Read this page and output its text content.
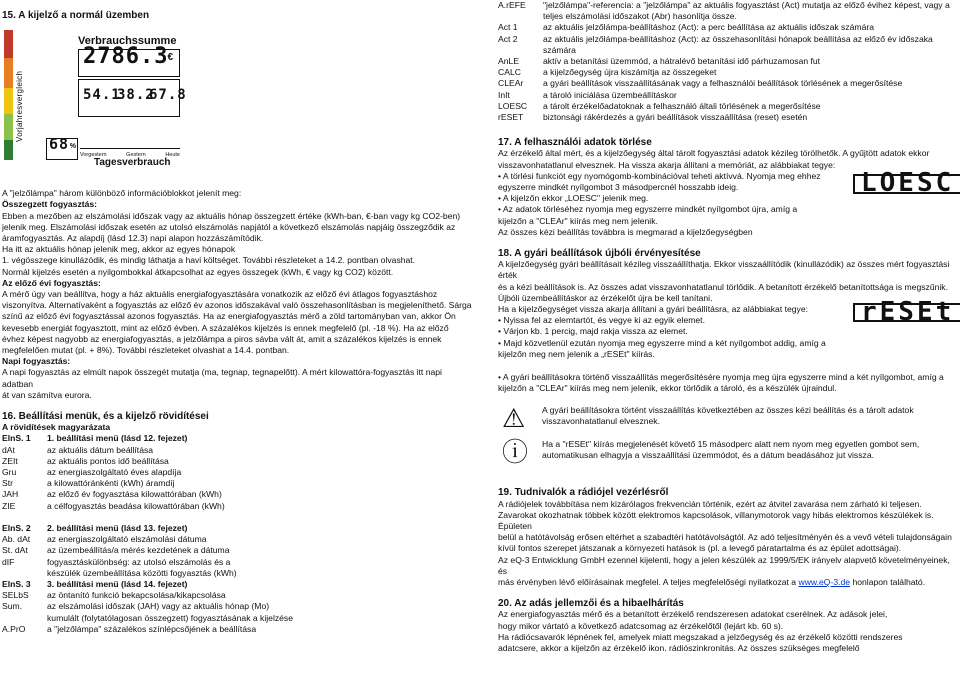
15. A kijelző a normál üzemben

Vorjahresvergleich
Verbrauchssumme
2786.3
€
54.1
38.2
67.8
68 %
Vorgestern	Gestern	Heute
Tagesverbrauch

A "jelzőlámpa" három különböző információblokkot jelenít meg:

Összegzett fogyasztás:

Ebben a mezőben az elszámolási időszak vagy az aktuális hónap összegzett értéke (kWh-ban, €-ban vagy kg CO2-ben)

jelenik meg. Elszámolási időszak esetén az utolsó elszámolás napjától a következő elszámolás napjáig összegződik az

áramfogyasztás. Az alapdíj (lásd 12.3) napi alapon hozzászámítódik.

Ha itt az aktuális hónap jelenik meg, akkor az egyes hónapok

1. végösszege kinullázódik, és mindig láthatja a havi költséget. További részleteket a 14.2. pontban olvashat.

Normál kijelzés esetén a nyilgombokkal átkapcsolhat az egyes összegek (kWh, € vagy kg CO2) között.

Az előző évi fogyasztás:

A mérő úgy van beállítva, hogy a ház aktuális energiafogyasztására vonatkozik az előző évi átlagos fogyasztáshoz

viszonyítva. Alternatívaként a fogyasztás az előző év azonos időszakával való összehasonlításban is megjeleníthető. Sárga

színű az előző évi fogyasztással azonos fogyasztás. Ha az energiafogyasztás mérő a zöld tartományban van, akkor Ön

kevesebb energiát fogyasztott, mint az előző évben. A százalékos kijelzés is ennek megfelelő (pl. -18 %). Ha az előző

évhez képest nagyobb az energiafogyasztás, a jelzőlámpa a piros sávba vált át, amit a százalékos kijelzés is ennek

megfelelően mutat (pl. + 8%). További részleteket olvashat a 14.4. pontban.

Napi fogyasztás:

A napi fogyasztás az elmúlt napok összegét mutatja (ma, tegnap, tegnapelőtt). A mért kilowattóra-fogyasztás itt napi adatban

át van számítva eurora.

16. Beállítási menük, és a kijelző rövidítései

A rövidítések magyarázata

ElnS. 1	1. beállítási menü (lásd 12. fejezet)
dAt	az aktuális dátum beállítása
ZEIt	az aktuális pontos idő beállítása
Gru	az energiaszolgáltató éves alapdíja
Str	a kilowattóránkénti (kWh) áramdíj
JAH	az előző év fogyasztása kilowattórában (kWh)
ZIE	a célfogyasztás beadása kilowattórában (kWh)
ElnS. 2	2. beállítási menü (lásd 13. fejezet)
Ab. dAt	az energiaszolgáltató elszámolási dátuma
St. dAt	az üzembeállítás/a mérés kezdetének a dátuma
dIF	fogyasztáskülönbség: az utolsó elszámolás és a
készülék üzembeállítása közötti fogyasztás (kWh)
ElnS. 3	3. beállítási menü (lásd 14. fejezet)
SELbS	az öntanító funkció bekapcsolása/kikapcsolása
Sum.	az elszámolási időszak (JAH) vagy az aktuális hónap (Mo)
kumulált (folytatólagosan összegzett) fogyasztásának a kijelzése
A.PrO	a "jelzőlámpa" százalékos színlépcsőjének a beállítása
A.rEFE	"jelzőlámpa"-referencia: a "jelzőlámpa" az aktuális fogyasztást (Act) mutatja az előző évihez képest, vagy a
teljes elszámolási időszakot (Abr) hasonlítja össze.
Act 1	az aktuális jelzőlámpa-beállításhoz (Act): a perc beállítása az aktuális időszak számára
Act 2	az aktuális jelzőlámpa-beállításhoz (Act): az összehasonlítási hónapok beállítása az előző év időszaka számára
AnLE	aktív a betanítási üzemmód, a hátralévő betanítási idő párhuzamosan fut
CALC	a kijelzőegység újra kiszámítja az összegeket
CLEAr	a gyári beállítások visszaállításának vagy a felhasználói beállítások törlésének a megerősítése
InIt	a tároló iniciálása üzembeállításkor
LOESC	a tárolt érzékelőadatoknak a felhasználó általi törlésének a megerősítése
rESET	biztonsági rákérdezés a gyári beállítások visszaállítása (reset) esetén

17. A felhasználói adatok törlése

Az érzékelő által mért, és a kijelzőegység által tárolt fogyasztási adatok kézileg törölhetők. A gyűjtött adatok ekkor

visszavonhatatlanul elvesznek. Ha vissza akarja állítani a memóriát, az alábbiakat tegye:

• A törlési funkciót egy nyomógomb-kombinációval teheti aktívvá. Nyomja meg ehhez

egyszerre mindkét nyílgombot 3 másodpercnél hosszabb ideig.

• A kijelzőn ekkor „LOESC" jelenik meg.

• Az adatok törléséhez nyomja meg egyszerre mindkét nyílgombot újra, amíg a

kijelzőn a "CLEAr" kiírás meg nem jelenik.

Az összes kézi beállítás továbbra is megmarad a kijelzőegységben

LOESC

18. A gyári beállítások újbóli érvényesítése

A kijelzőegység gyári beállításait kézileg visszaállíthatja. Ekkor visszaállítódik (kinullázódik) az összes mért fogyasztási érték

és a kézi beállítások is. Az összes adat visszavonhatatlanul törlődik. A betanított érzékelő betanítottsága is megszűnik.

Újbóli üzembeállításkor az érzékelőt újra be kell tanítani.

Ha a kijelzőegységet vissza akarja állítani a gyári beállításra, az alábbiakat tegye:

• Nyissa fel az elemtartót, és vegye ki az egyik elemet.

• Várjon kb. 1 percig, majd rakja vissza az elemet.

• Majd közvetlenül ezután nyomja meg egyszerre mind a két nyílgombot addig, amíg a

kijelzőn meg nem jelenik a „rESEt" kiírás.

rESEt

• A gyári beállításokra történő visszaállítás megerősítésére nyomja meg újra egyszerre mind a két nyílgombot, amíg a

kijelzőn a "CLEAr" kiírás meg nem jelenik, ekkor törlődik a tároló, és a készülék újraindul.

⚠ A gyári beállításokra történt visszaállítás következtében az összes kézi beállítás és a tárolt adatok

visszavonhatatlanul elvesznek.

ⓘ Ha a "rESEt" kiírás megjelenését követő 15 másodperc alatt nem nyom meg egyetlen gombot sem,

automatikusan elhagyja a visszaállítási üzemmódot, és a dátum beadásához jut vissza.

19. Tudnivalók a rádiójel vezérlésről

A rádiójelek továbbítása nem kizárólagos frekvencián történik, ezért az átvitel zavarása nem zárható ki teljesen.

Zavarokat okozhatnak többek között elektromos kapcsolások, villanymotorok vagy hibás elektromos készülékek is. Épületen

belül a hatótávolság erősen eltérhet a szabadtéri hatótávolságtól. Az adó teljesítményén és a vevő vételi tulajdonságain

kívül fontos szerepet játszanak a környezeti hatások is (pl. a levegő páratartalma és az épület adottságai).

Az eQ-3 Entwicklung GmbH ezennel kijelenti, hogy a jelen készülék az 1999/5/EK irányelv alapvető követelményeinek, és

más érvényben lévő előírásainak megfelel. A teljes megfelelőségi nyilatkozat a www.eQ-3.de honlapon található.

20. Az adás jellemzői és a hibaelhárítás

Az energiafogyasztás mérő és a betanított érzékelő rendszeresen adatokat cserélnek. Az adások jelei,

hogy mikor vártató a következő adatcsomag az érzékelőtől (lejárt kb. 60 s).

Ha rádiócsavarók lépnének fel, amelyek miatt megszakad a jelzőegység és az érzékelő közötti rendszeres

adatcsere, akkor a kijelzőn az érzékelő ikon. rádiószinkronitás. Az összes szükséges megfelelő
